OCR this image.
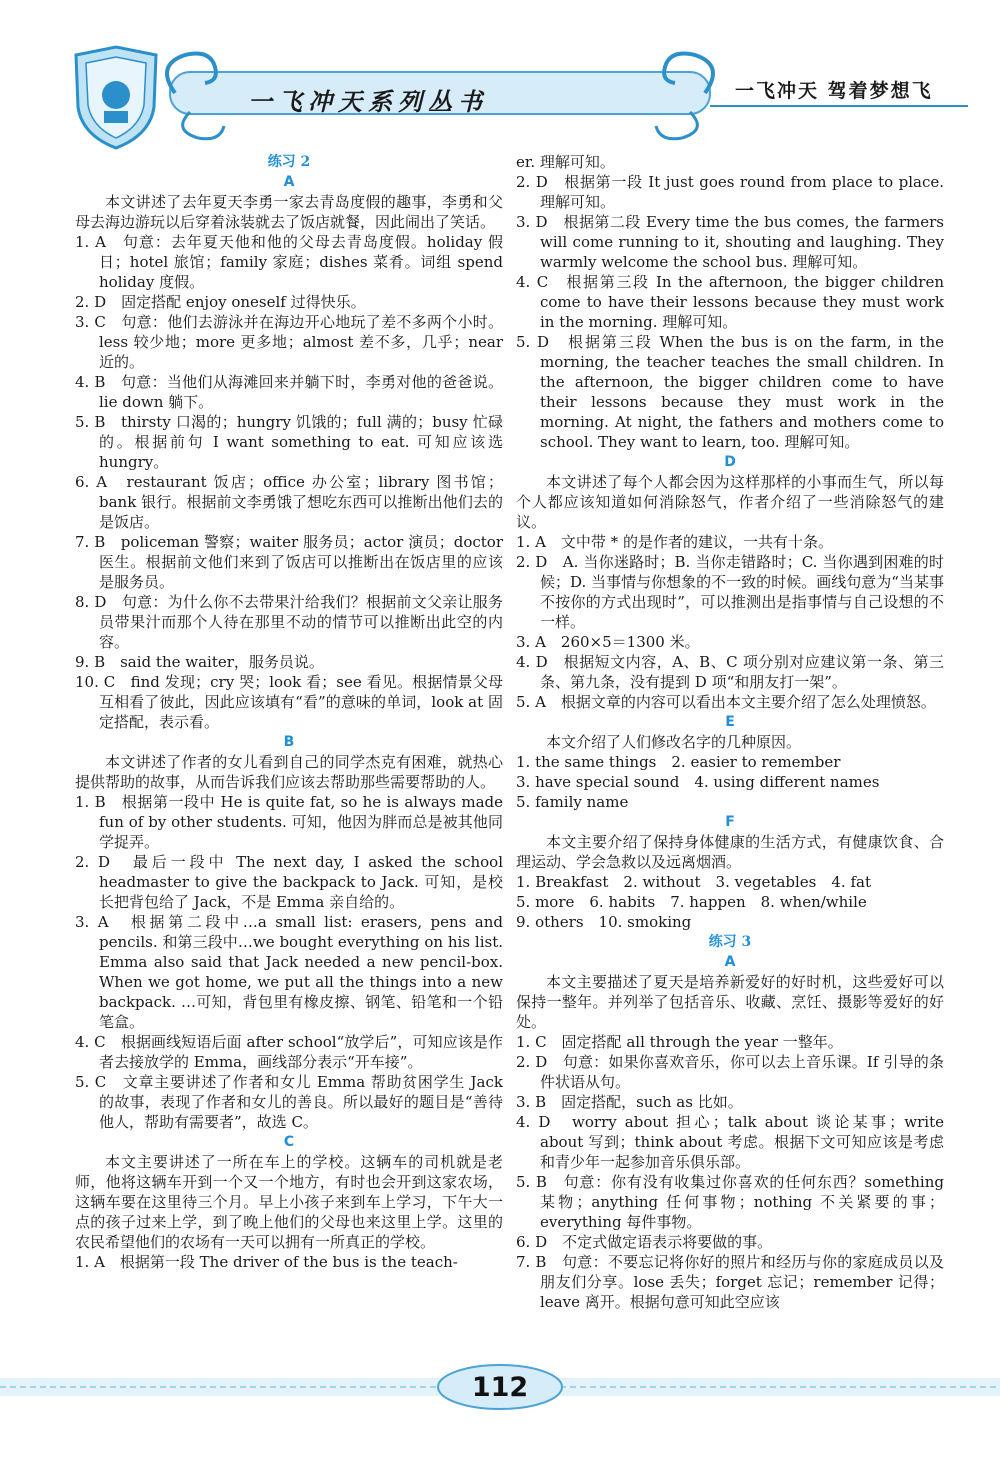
一飞冲天系列丛书	一飞冲天 驾着梦想飞
练习 2
A
本文讲述了去年夏天李勇一家去青岛度假的趣事，李勇和父母去海边游玩以后穿着泳装就去了饭店就餐，因此闹出了笑话。
1. A　句意：去年夏天他和他的父母去青岛度假。holiday 假日；hotel 旅馆；family 家庭；dishes 菜肴。词组 spend holiday 度假。
2. D　固定搭配 enjoy oneself 过得快乐。
3. C　句意：他们去游泳并在海边开心地玩了差不多两个小时。less 较少地；more 更多地；almost 差不多，几乎；near 近的。
4. B　句意：当他们从海滩回来并躺下时，李勇对他的爸爸说。lie down 躺下。
5. B　thirsty 口渴的；hungry 饥饿的；full 满的；busy 忙碌的。根据前句 I want something to eat. 可知应该选 hungry。
6. A　restaurant 饭店；office 办公室；library 图书馆；bank 银行。根据前文李勇饿了想吃东西可以推断出他们去的是饭店。
7. B　policeman 警察；waiter 服务员；actor 演员；doctor 医生。根据前文他们来到了饭店可以推断出在饭店里的应该是服务员。
8. D　句意：为什么你不去带果汁给我们？根据前文父亲让服务员带果汁而那个人待在那里不动的情节可以推断出此空的内容。
9. B　said the waiter，服务员说。
10. C　find 发现；cry 哭；look 看；see 看见。根据情景父母互相看了彼此，因此应该填有“看”的意味的单词，look at 固定搭配，表示看。
B
本文讲述了作者的女儿看到自己的同学杰克有困难，就热心提供帮助的故事，从而告诉我们应该去帮助那些需要帮助的人。
1. B　根据第一段中 He is quite fat, so he is always made fun of by other students. 可知，他因为胖而总是被其他同学捉弄。
2. D　最后一段中 The next day, I asked the school headmaster to give the backpack to Jack. 可知，是校长把背包给了 Jack，不是 Emma 亲自给的。
3. A　根据第二段中…a small list: erasers, pens and pencils. 和第三段中…we bought everything on his list. Emma also said that Jack needed a new pencil-box. When we got home, we put all the things into a new backpack. …可知，背包里有橡皮擦、钢笔、铅笔和一个铅笔盒。
4. C　根据画线短语后面 after school“放学后”，可知应该是作者去接放学的 Emma，画线部分表示“开车接”。
5. C　文章主要讲述了作者和女儿 Emma 帮助贫困学生 Jack 的故事，表现了作者和女儿的善良。所以最好的题目是“善待他人，帮助有需要者”，故选 C。
C
本文主要讲述了一所在车上的学校。这辆车的司机就是老师，他将这辆车开到一个又一个地方，有时也会开到这家农场，这辆车要在这里待三个月。早上小孩子来到车上学习，下午大一点的孩子过来上学，到了晚上他们的父母也来这里上学。这里的农民希望他们的农场有一天可以拥有一所真正的学校。
1. A　根据第一段 The driver of the bus is the teach-
er. 理解可知。
2. D　根据第一段 It just goes round from place to place. 理解可知。
3. D　根据第二段 Every time the bus comes, the farmers will come running to it, shouting and laughing. They warmly welcome the school bus. 理解可知。
4. C　根据第三段 In the afternoon, the bigger children come to have their lessons because they must work in the morning. 理解可知。
5. D　根据第三段 When the bus is on the farm, in the morning, the teacher teaches the small children. In the afternoon, the bigger children come to have their lessons because they must work in the morning. At night, the fathers and mothers come to school. They want to learn, too. 理解可知。
D
本文讲述了每个人都会因为这样那样的小事而生气，所以每个人都应该知道如何消除怒气，作者介绍了一些消除怒气的建议。
1. A　文中带 * 的是作者的建议，一共有十条。
2. D　A. 当你迷路时；B. 当你走错路时；C. 当你遇到困难的时候；D. 当事情与你想象的不一致的时候。画线句意为“当某事不按你的方式出现时”，可以推测出是指事情与自己设想的不一样。
3. A　260×5＝1300 米。
4. D　根据短文内容，A、B、C 项分别对应建议第一条、第三条、第九条，没有提到 D 项“和朋友打一架”。
5. A　根据文章的内容可以看出本文主要介绍了怎么处理愤怒。
E
本文介绍了人们修改名字的几种原因。
1. the same things　2. easier to remember
3. have special sound　4. using different names
5. family name
F
本文主要介绍了保持身体健康的生活方式，有健康饮食、合理运动、学会急救以及远离烟酒。
1. Breakfast　2. without　3. vegetables　4. fat
5. more　6. habits　7. happen　8. when/while
9. others　10. smoking
练习 3
A
本文主要描述了夏天是培养新爱好的好时机，这些爱好可以保持一整年。并列举了包括音乐、收藏、烹饪、摄影等爱好的好处。
1. C　固定搭配 all through the year 一整年。
2. D　句意：如果你喜欢音乐，你可以去上音乐课。If 引导的条件状语从句。
3. B　固定搭配，such as 比如。
4. D　worry about 担心；talk about 谈论某事；write about 写到；think about 考虑。根据下文可知应该是考虑和青少年一起参加音乐俱乐部。
5. B　句意：你有没有收集过你喜欢的任何东西？something 某物；anything 任何事物；nothing 不关紧要的事；everything 每件事物。
6. D　不定式做定语表示将要做的事。
7. B　句意：不要忘记将你好的照片和经历与你的家庭成员以及朋友们分享。lose 丢失；forget 忘记；remember 记得；leave 离开。根据句意可知此空应该
112
